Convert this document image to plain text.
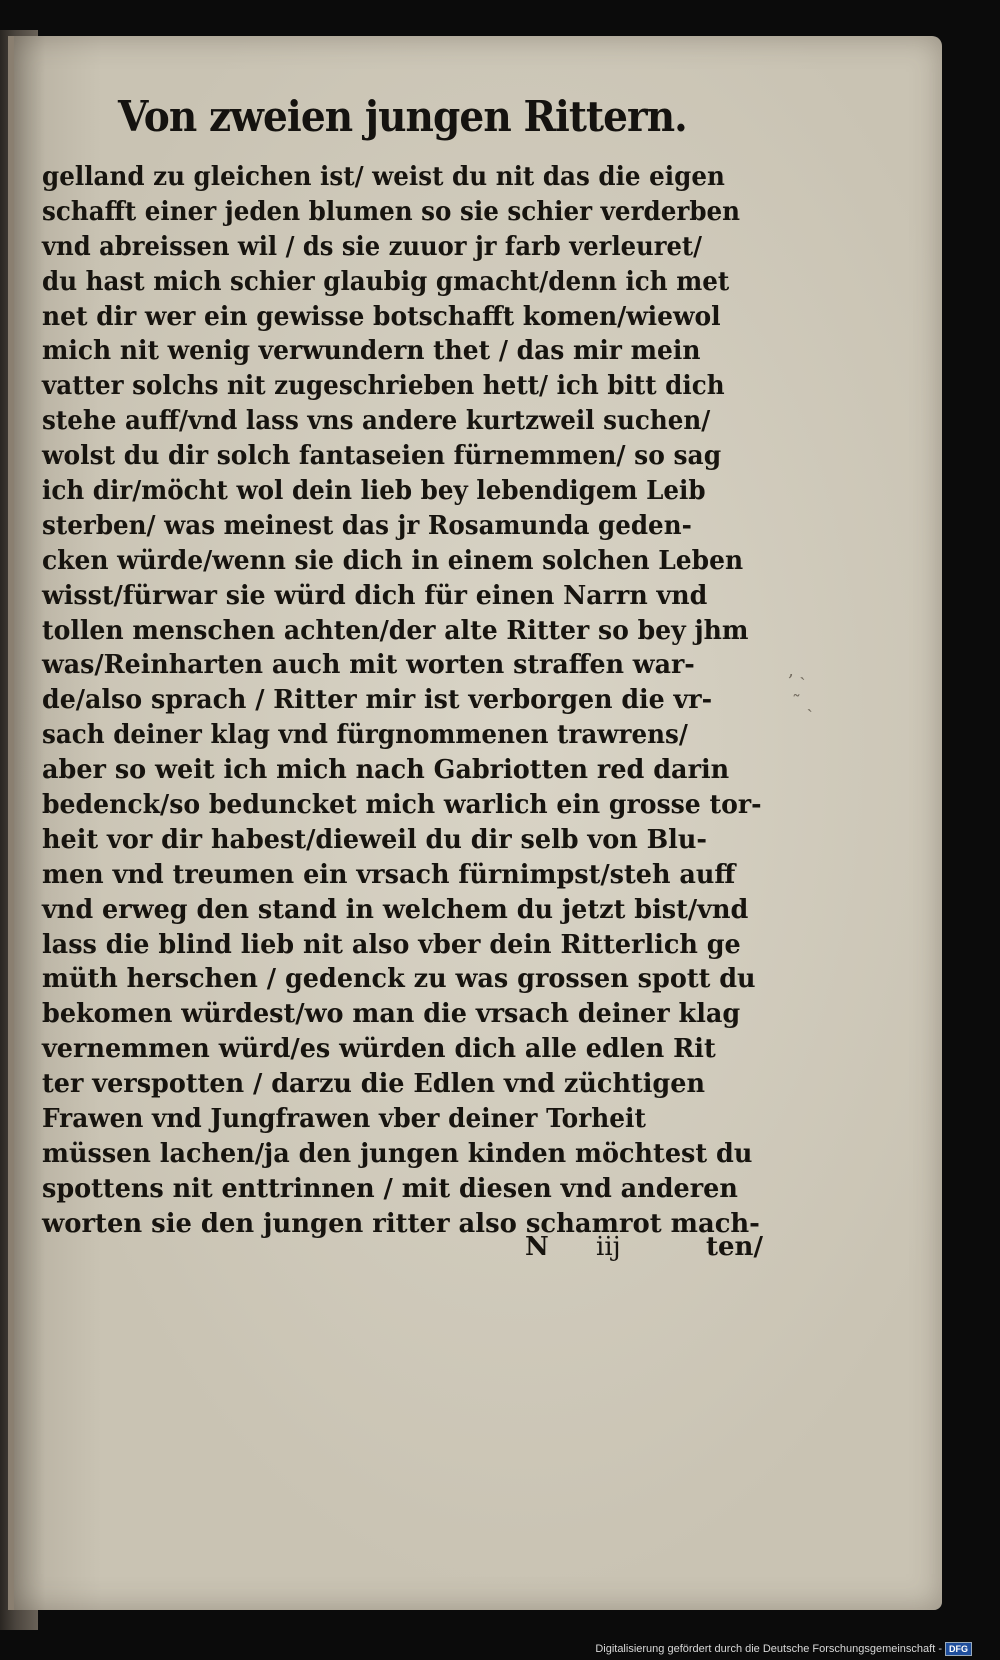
Von zweien jungen Rittern.
gelland zu gleichen ist/ weist du nit das die eigen
schafft einer jeden blumen so sie schier verderben
vnd abreissen wil / ds sie zuuor jr farb verleuret/
du hast mich schier glaubig gmacht/denn ich met
net dir wer ein gewisse botschafft komen/wiewol
mich nit wenig verwundern thet / das mir mein
vatter solchs nit zugeschrieben hett/ ich bitt dich
stehe auff/vnd lass vns andere kurtzweil suchen/
wolst du dir solch fantaseien fürnemmen/ so sag
ich dir/möcht wol dein lieb bey lebendigem Leib
sterben/ was meinest das jr Rosamunda geden-
cken würde/wenn sie dich in einem solchen Leben
wisst/fürwar sie würd dich für einen Narrn vnd
tollen menschen achten/der alte Ritter so bey jhm
was/Reinharten auch mit worten straffen war-
de/also sprach / Ritter mir ist verborgen die vr-
sach deiner klag vnd fürgnommenen trawrens/
aber so weit ich mich nach Gabriotten red darin
bedenck/so beduncket mich warlich ein grosse tor-
heit vor dir habest/dieweil du dir selb von Blu-
men vnd treumen ein vrsach fürnimpst/steh auff
vnd erweg den stand in welchem du jetzt bist/vnd
lass die blind lieb nit also vber dein Ritterlich ge
müth herschen / gedenck zu was grossen spott du
bekomen würdest/wo man die vrsach deiner klag
vernemmen würd/es würden dich alle edlen Rit
ter verspotten / darzu die Edlen vnd züchtigen
Frawen vnd Jungfrawen vber deiner Torheit
müssen lachen/ja den jungen kinden möchtest du
spottens nit enttrinnen / mit diesen vnd anderen
worten sie den jungen ritter also schamrot mach-
‚ ˏ
˜ ˎ
N iij	ten/
Digitalisierung gefördert durch die Deutsche Forschungsgemeinschaft - DFG
